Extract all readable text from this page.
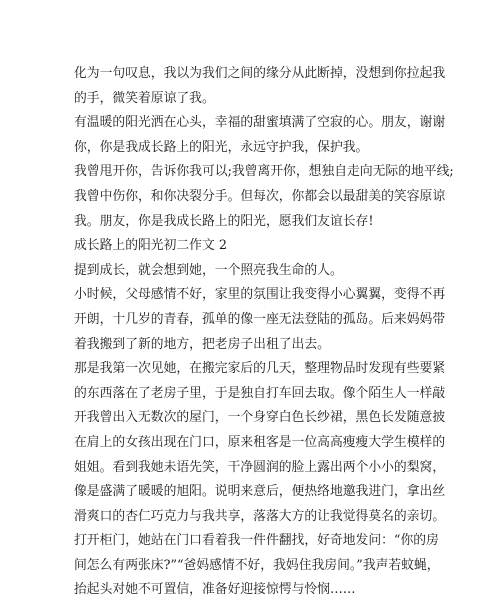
化为一句叹息，我以为我们之间的缘分从此断掉，没想到你拉起我
的手，微笑着原谅了我。
有温暖的阳光洒在心头，幸福的甜蜜填满了空寂的心。朋友，谢谢
你，你是我成长路上的阳光，永远守护我，保护我。
我曾甩开你，告诉你我可以;我曾离开你，想独自走向无际的地平线;
我曾中伤你，和你决裂分手。但每次，你都会以最甜美的笑容原谅
我。朋友，你是我成长路上的阳光，愿我们友谊长存!
成长路上的阳光初二作文 2
提到成长，就会想到她，一个照亮我生命的人。
小时候，父母感情不好，家里的氛围让我变得小心翼翼，变得不再
开朗，十几岁的青春，孤单的像一座无法登陆的孤岛。后来妈妈带
着我搬到了新的地方，把老房子出租了出去。
那是我第一次见她，在搬完家后的几天，整理物品时发现有些要紧
的东西落在了老房子里，于是独自打车回去取。像个陌生人一样敲
开我曾出入无数次的屋门，一个身穿白色长纱裙，黑色长发随意披
在肩上的女孩出现在门口，原来租客是一位高高瘦瘦大学生模样的
姐姐。看到我她未语先笑，干净圆润的脸上露出两个小小的梨窝，
像是盛满了暖暖的旭阳。说明来意后，便热络地邀我进门，拿出丝
滑爽口的杏仁巧克力与我共享，落落大方的让我觉得莫名的亲切。
打开柜门，她站在门口看着我一件件翻找，好奇地发问：“你的房
间怎么有两张床?”“爸妈感情不好，我妈住我房间。”我声若蚊蝇，
抬起头对她不可置信，准备好迎接惊愕与怜悯……
